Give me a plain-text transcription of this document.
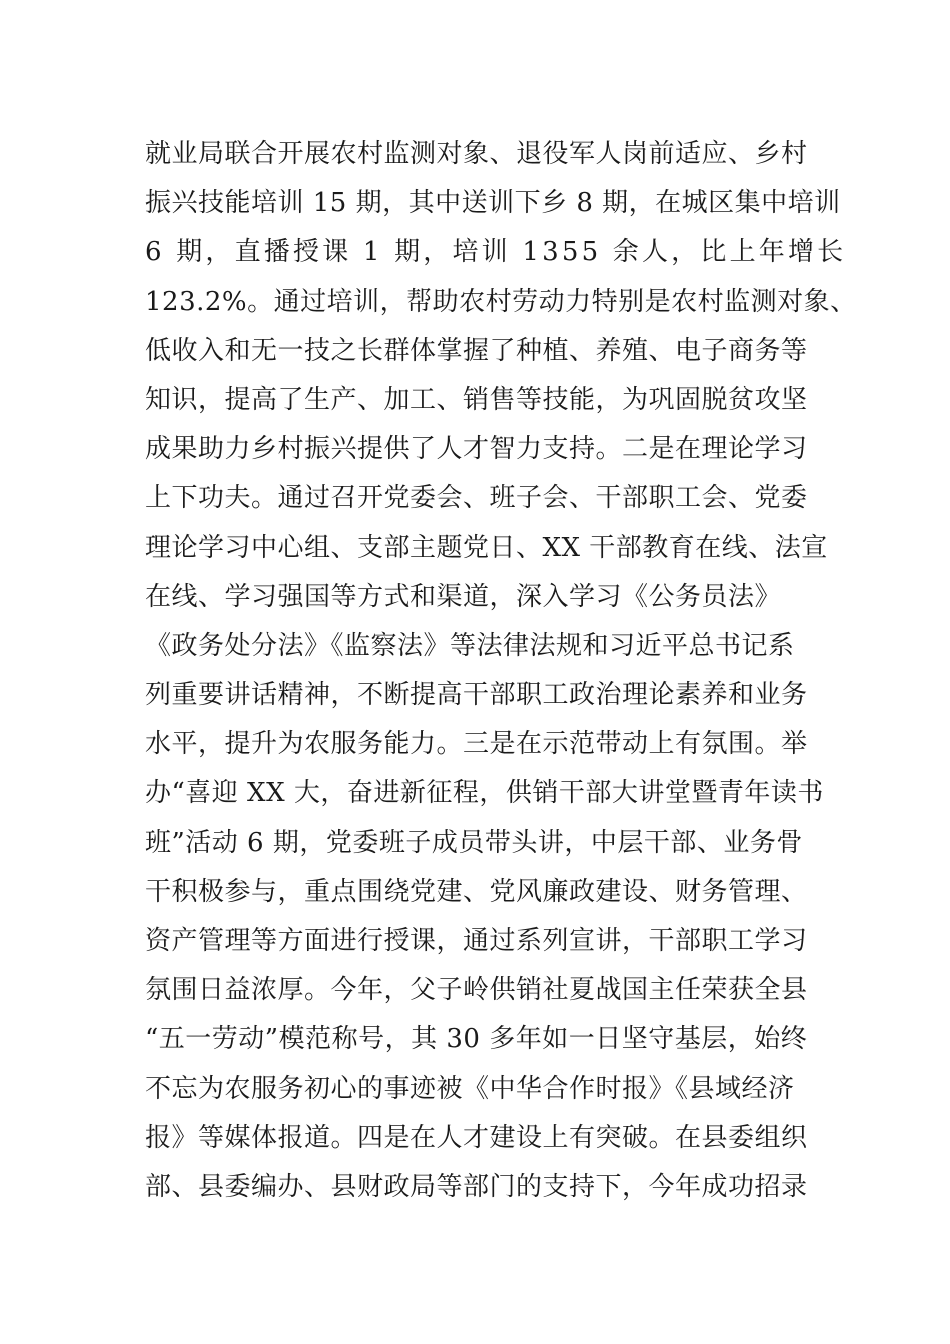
就业局联合开展农村监测对象、退役军人岗前适应、乡村
振兴技能培训 15 期，其中送训下乡 8 期，在城区集中培训
6 期，直播授课 1 期，培训 1355 余人，比上年增长
123.2%。通过培训，帮助农村劳动力特别是农村监测对象、
低收入和无一技之长群体掌握了种植、养殖、电子商务等
知识，提高了生产、加工、销售等技能，为巩固脱贫攻坚
成果助力乡村振兴提供了人才智力支持。二是在理论学习
上下功夫。通过召开党委会、班子会、干部职工会、党委
理论学习中心组、支部主题党日、XX 干部教育在线、法宣
在线、学习强国等方式和渠道，深入学习《公务员法》
《政务处分法》《监察法》等法律法规和习近平总书记系
列重要讲话精神，不断提高干部职工政治理论素养和业务
水平，提升为农服务能力。三是在示范带动上有氛围。举
办“喜迎 XX 大，奋进新征程，供销干部大讲堂暨青年读书
班”活动 6 期，党委班子成员带头讲，中层干部、业务骨
干积极参与，重点围绕党建、党风廉政建设、财务管理、
资产管理等方面进行授课，通过系列宣讲，干部职工学习
氛围日益浓厚。今年，父子岭供销社夏战国主任荣获全县
“五一劳动”模范称号，其 30 多年如一日坚守基层，始终
不忘为农服务初心的事迹被《中华合作时报》《县域经济
报》等媒体报道。四是在人才建设上有突破。在县委组织
部、县委编办、县财政局等部门的支持下，今年成功招录
